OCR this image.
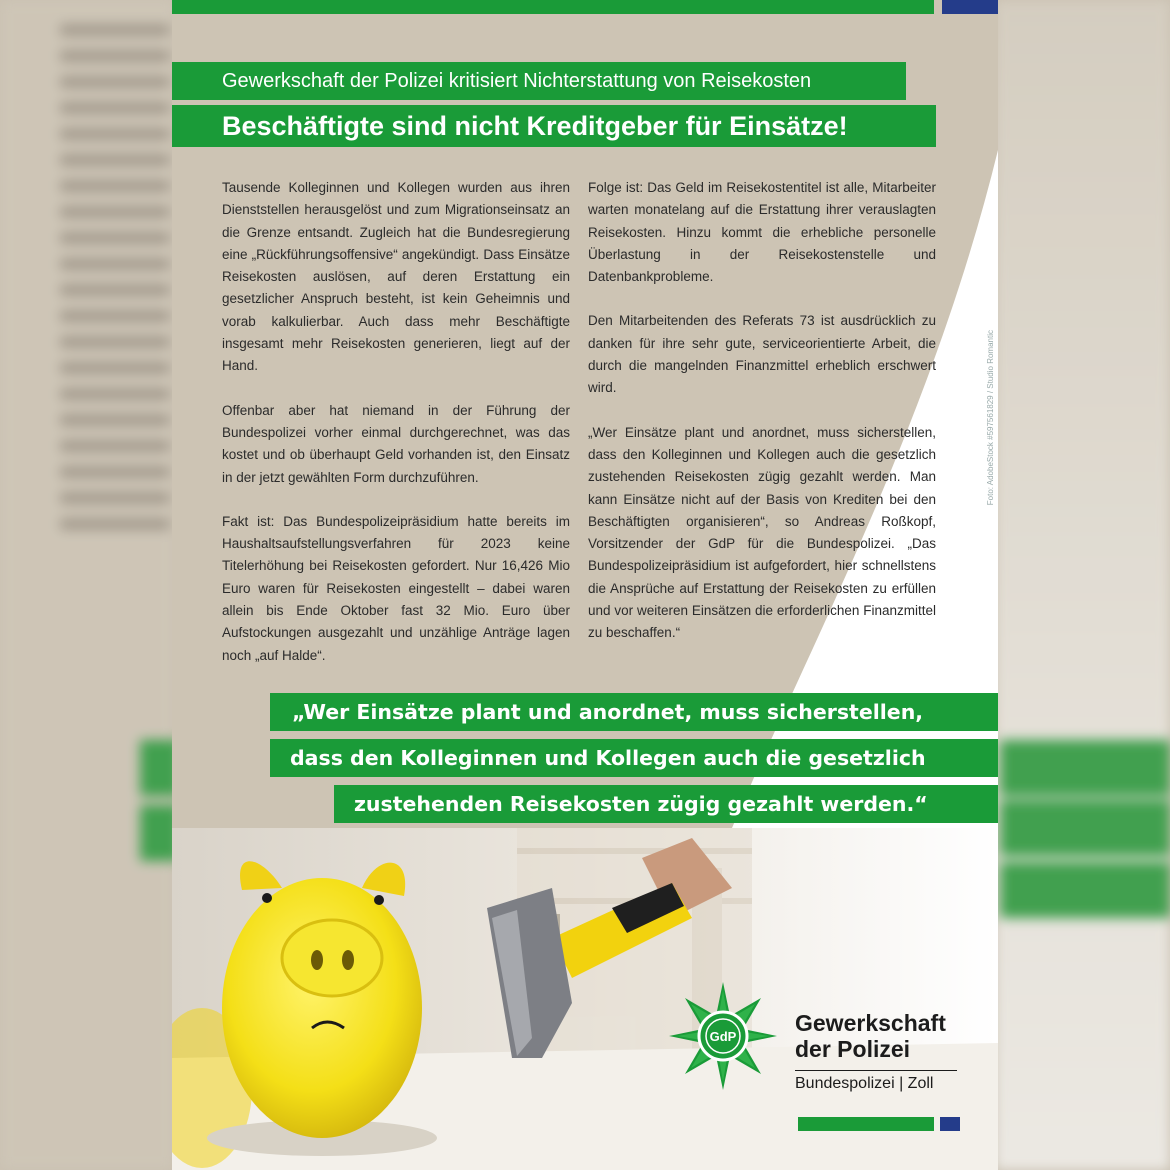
Gewerkschaft der Polizei kritisiert Nichterstattung von Reisekosten
Beschäftigte sind nicht Kreditgeber für Einsätze!

Tausende Kolleginnen und Kollegen wurden aus ihren Dienststellen herausgelöst und zum Migrationseinsatz an die Grenze entsandt. Zugleich hat die Bundesregierung eine „Rückführungsoffensive“ angekündigt. Dass Einsätze Reisekosten auslösen, auf deren Erstattung ein gesetzlicher Anspruch besteht, ist kein Geheimnis und vorab kalkulierbar. Auch dass mehr Beschäftigte insgesamt mehr Reisekosten generieren, liegt auf der Hand.

Offenbar aber hat niemand in der Führung der Bundespolizei vorher einmal durchgerechnet, was das kostet und ob überhaupt Geld vorhanden ist, den Einsatz in der jetzt gewählten Form durchzuführen.

Fakt ist: Das Bundespolizeipräsidium hatte bereits im Haushaltsaufstellungsverfahren für 2023 keine Titelerhöhung bei Reisekosten gefordert. Nur 16,426 Mio Euro waren für Reisekosten eingestellt – dabei waren allein bis Ende Oktober fast 32 Mio. Euro über Aufstockungen ausgezahlt und unzählige Anträge lagen noch „auf Halde“.

Folge ist: Das Geld im Reisekostentitel ist alle, Mitarbeiter warten monatelang auf die Erstattung ihrer verauslagten Reisekosten. Hinzu kommt die erhebliche personelle Überlastung in der Reisekostenstelle und Datenbankprobleme.

Den Mitarbeitenden des Referats 73 ist ausdrücklich zu danken für ihre sehr gute, serviceorientierte Arbeit, die durch die mangelnden Finanzmittel erheblich erschwert wird.

„Wer Einsätze plant und anordnet, muss sicherstellen, dass den Kolleginnen und Kollegen auch die gesetzlich zustehenden Reisekosten zügig gezahlt werden. Man kann Einsätze nicht auf der Basis von Krediten bei den Beschäftigten organisieren“, so Andreas Roßkopf, Vorsitzender der GdP für die Bundespolizei. „Das Bundespolizeipräsidium ist aufgefordert, hier schnellstens die Ansprüche auf Erstattung der Reisekosten zu erfüllen und vor weiteren Einsätzen die erforderlichen Finanzmittel zu beschaffen.“

Foto: AdobeStock #597561829 / Studio Romantic
„Wer Einsätze plant und anordnet, muss sicherstellen,
dass den Kolleginnen und Kollegen auch die gesetzlich
zustehenden Reisekosten zügig gezahlt werden.“
GdP
Gewerkschaft
der Polizei
Bundespolizei | Zoll
